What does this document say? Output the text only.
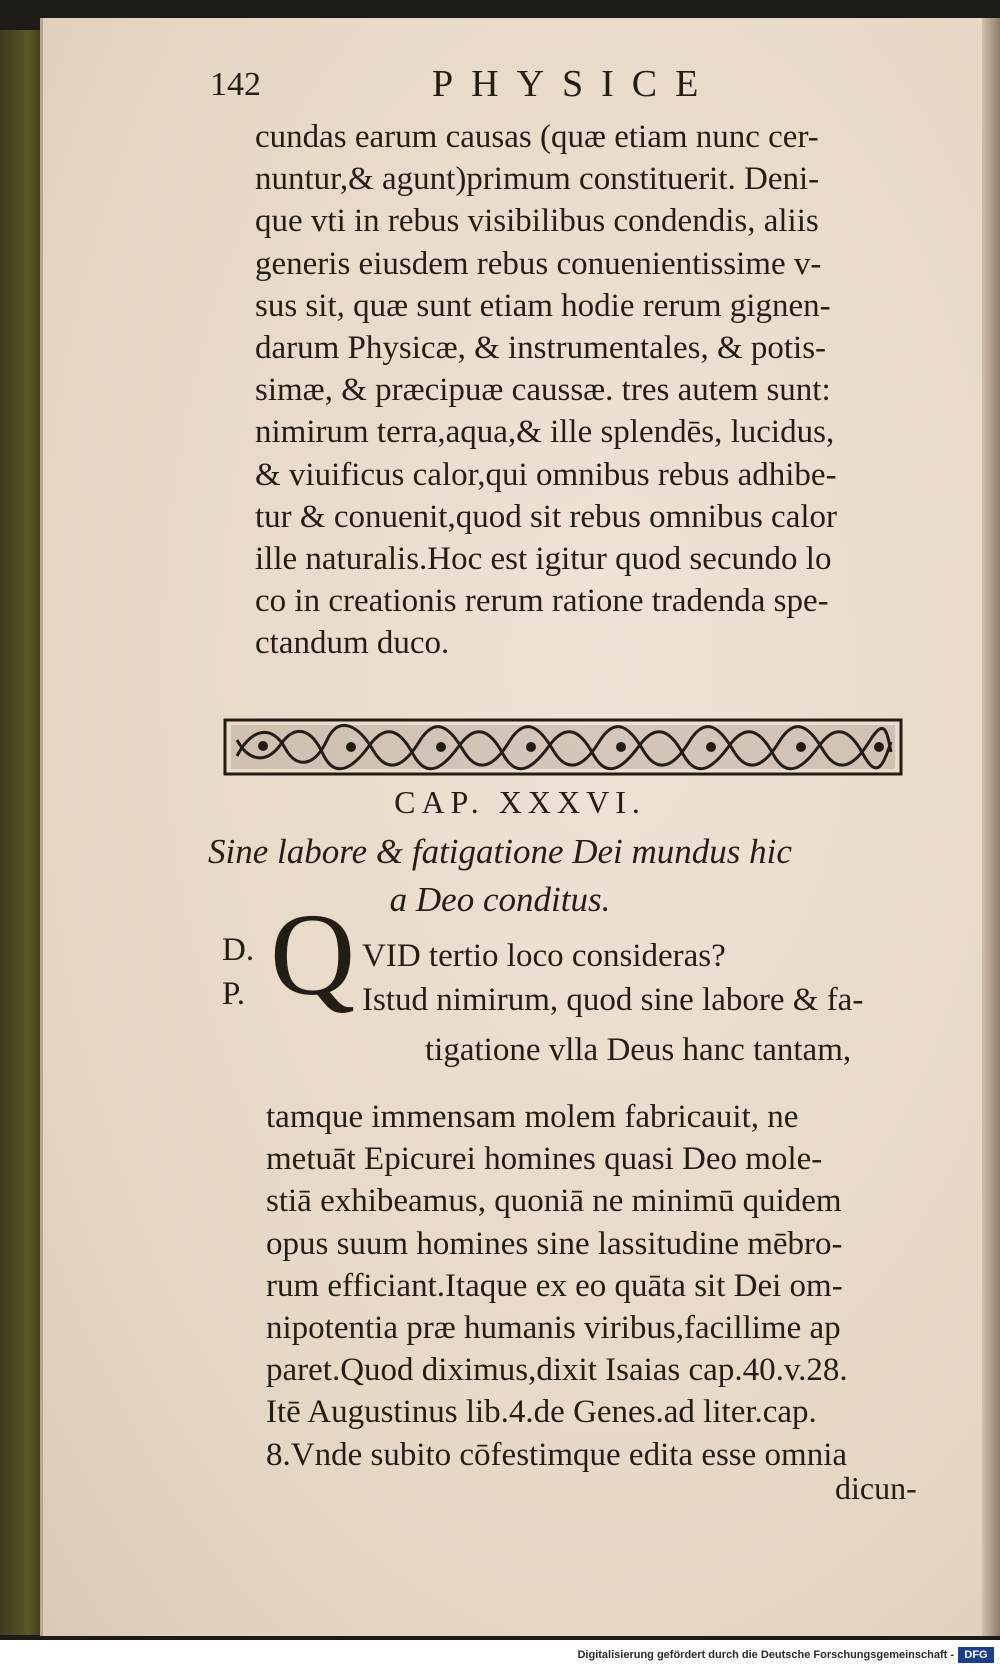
142	PHYSICE
cundas earum causas (quæ etiam nunc cer-
nuntur,& agunt)primum constituerit. Deni-
que vti in rebus visibilibus condendis, aliis
generis eiusdem rebus conuenientissime v-
sus sit, quæ sunt etiam hodie rerum gignen-
darum Physicæ, & instrumentales, & potis-
simæ, & præcipuæ caussæ. tres autem sunt:
nimirum terra,aqua,& ille splendēs, lucidus,
& viuificus calor,qui omnibus rebus adhibe-
tur & conuenit,quod sit rebus omnibus calor
ille naturalis.Hoc est igitur quod secundo lo
co in creationis rerum ratione tradenda spe-
ctandum duco.
CAP. XXXVI.
Sine labore & fatigatione Dei mundus hic
a Deo conditus.
D.
P. Q VID tertio loco consideras?
Istud nimirum, quod sine labore & fa-
tigatione vlla Deus hanc tantam,
tamque immensam molem fabricauit, ne
metuāt Epicurei homines quasi Deo mole-
stiā exhibeamus, quoniā ne minimū quidem
opus suum homines sine lassitudine mēbro-
rum efficiant.Itaque ex eo quāta sit Dei om-
nipotentia præ humanis viribus,facillime ap
paret.Quod diximus,dixit Isaias cap.40.v.28.
Itē Augustinus lib.4.de Genes.ad liter.cap.
8.Vnde subito cōfestimque edita esse omnia
dicun-
Digitalisierung gefördert durch die Deutsche Forschungsgemeinschaft - DFG
